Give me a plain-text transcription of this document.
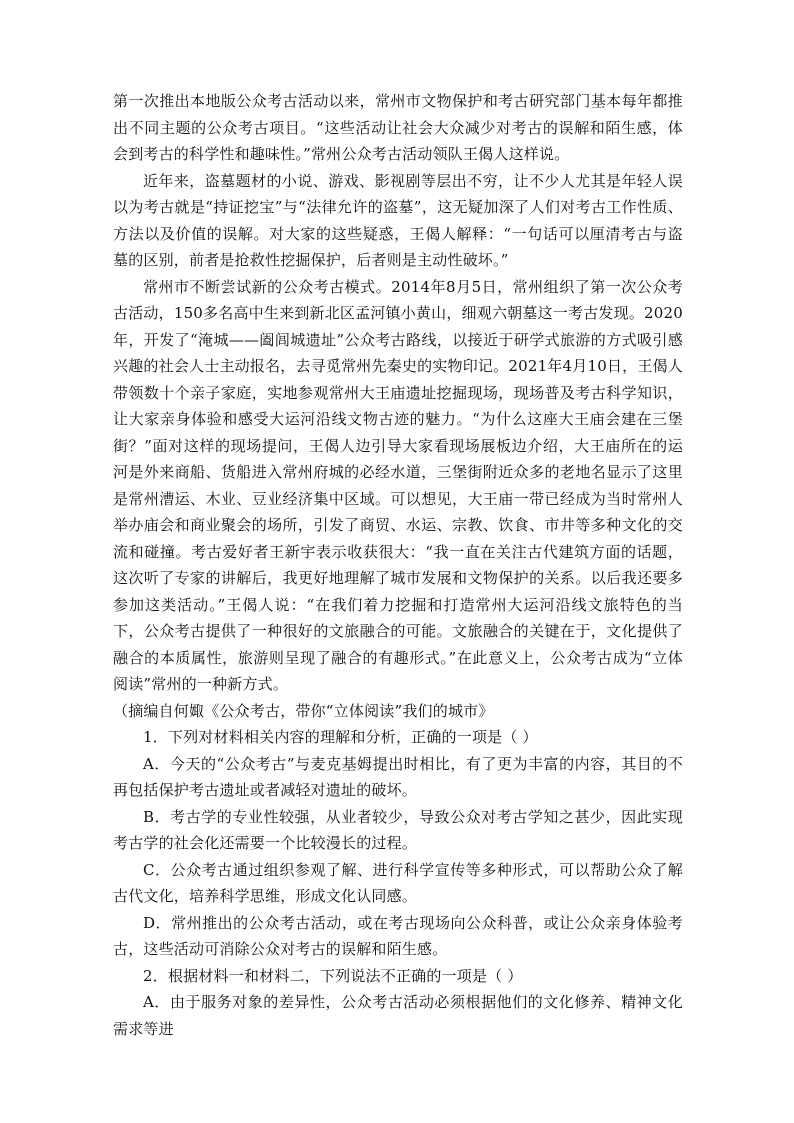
第一次推出本地版公众考古活动以来，常州市文物保护和考古研究部门基本每年都推出不同主题的公众考古项目。“这些活动让社会大众减少对考古的误解和陌生感，体会到考古的科学性和趣味性。”常州公众考古活动领队王偈人这样说。

近年来，盗墓题材的小说、游戏、影视剧等层出不穷，让不少人尤其是年轻人误以为考古就是“持证挖宝”与“法律允许的盗墓”，这无疑加深了人们对考古工作性质、方法以及价值的误解。对大家的这些疑惑，王偈人解释：“一句话可以厘清考古与盗墓的区别，前者是抢救性挖掘保护，后者则是主动性破坏。”

常州市不断尝试新的公众考古模式。2014年8月5日，常州组织了第一次公众考古活动，150多名高中生来到新北区孟河镇小黄山，细观六朝墓这一考古发现。2020年，开发了“淹城——阖闾城遗址”公众考古路线，以接近于研学式旅游的方式吸引感兴趣的社会人士主动报名，去寻觅常州先秦史的实物印记。2021年4月10日，王偈人带领数十个亲子家庭，实地参观常州大王庙遗址挖掘现场，现场普及考古科学知识，让大家亲身体验和感受大运河沿线文物古迹的魅力。“为什么这座大王庙会建在三堡街？”面对这样的现场提问，王偈人边引导大家看现场展板边介绍，大王庙所在的运河是外来商船、货船进入常州府城的必经水道，三堡街附近众多的老地名显示了这里是常州漕运、木业、豆业经济集中区域。可以想见，大王庙一带已经成为当时常州人举办庙会和商业聚会的场所，引发了商贸、水运、宗教、饮食、市井等多种文化的交流和碰撞。考古爱好者王新宇表示收获很大：“我一直在关注古代建筑方面的话题，这次听了专家的讲解后，我更好地理解了城市发展和文物保护的关系。以后我还要多参加这类活动。”王偈人说：“在我们着力挖掘和打造常州大运河沿线文旅特色的当下，公众考古提供了一种很好的文旅融合的可能。文旅融合的关键在于，文化提供了融合的本质属性，旅游则呈现了融合的有趣形式。”在此意义上，公众考古成为“立体阅读”常州的一种新方式。

（摘编自何娵《公众考古，带你“立体阅读”我们的城市》

1．下列对材料相关内容的理解和分析，正确的一项是（ ）

A．今天的“公众考古”与麦克基姆提出时相比，有了更为丰富的内容，其目的不再包括保护考古遗址或者减轻对遗址的破坏。

B．考古学的专业性较强，从业者较少，导致公众对考古学知之甚少，因此实现考古学的社会化还需要一个比较漫长的过程。

C．公众考古通过组织参观了解、进行科学宣传等多种形式，可以帮助公众了解古代文化，培养科学思维，形成文化认同感。

D．常州推出的公众考古活动，或在考古现场向公众科普，或让公众亲身体验考古，这些活动可消除公众对考古的误解和陌生感。

2．根据材料一和材料二，下列说法不正确的一项是（ ）

A．由于服务对象的差异性，公众考古活动必须根据他们的文化修养、精神文化需求等进
